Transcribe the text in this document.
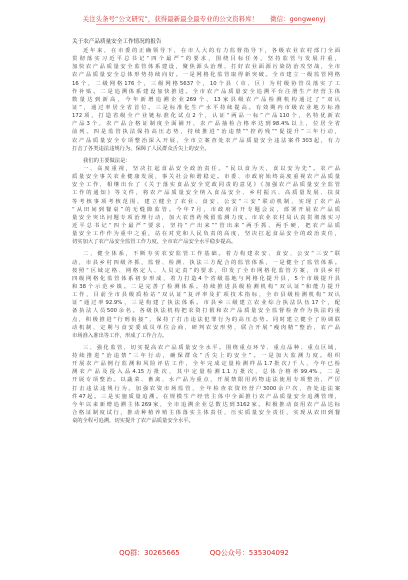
关注头条号“公文研究”，获得最新最全最专业的公文资料库！ 微信：gongwenyj
关于农产品质量安全工作情况的报告
近年来，在市委的正确领导下，在市人大的有力监督指导下，各级农业农村部门全面
贯彻落实习近平总书记“四个最严”的要求，围绕目标任务，坚持监管与发展并重，
加快农产品质量安全监管体系建设，聚焦源头治理，打好农业面源污染防治攻坚战，全市
农产品质量安全总体形势持续向好。一是网格化监管取得新突破。全市建立一级监管网格
16个，二级网格176个，三级网格5637个，10个县（市、区）为村级协管员落实了工
作补贴。二是追溯体系建设加快推进。全市农产品质量安全追溯平台注册生产经营主体
数量达到新高，今年新增追溯企业269个，13家县级农产品检测机构通过了“双认
证”，通过率居全省首位。三是标准化生产水平持续提高。有效期内市级农业地方标准
172项，打造省级全产业链标准化试点2个，认证“两品一标”产品110个，名特优新农
产品3个，农产品合格证制度全面铺开，农产品抽检合格率达到98.4%以上，位居全省
前列。四是监管执法保持高压态势，持续推进“治违禁”“控药残”“促提升”三年行动，
农产品质量安全专项整治深入开展，全市立案查处农产品质量安全违法案件303起，有力
打击了各类违法违规行为，保障了人民群众舌尖上的安全。
我们的主要做法是：
一、高度重视，坚决扛起食品安全政治责任。“民以食为天，食以安为先”。农产品
质量安全事关农业健康发展，事关社会和谐稳定。市委、市政府始终高度重视农产品质量
安全工作，相继出台了《关于落实食品安全党政同责的意见》《加强农产品质量安全监管
工作的通知》等文件，将农产品质量安全纳入食品安全、乡村振兴、高质量发展、扶贫
等考核事项考核范围，建立健全了农业、食安、公安“三安”联动机制，实现了农产品
“从田间到餐桌”的无缝隙监管。今年7月，市政府召开专题会议，部署开展农产品质
量安全突出问题专项治理行动，加大农兽药残留监测力度。市农业农村局认真贯彻落实习
近平总书记“四个最严”要求，坚持“产出来”“管出来”两手抓、两手硬，把农产品质
量安全工作作为重中之重，站在对党和人民负责的高度，坚决扛起食品安全的政治责任，
切实加大了农产品安全监管工作力度，全市农产品安全水平稳步提高。
二、健全体系，不断夯实农安监管工作基础。着力构建农安、食安、公安“三安”联
动，市县乡村四级齐抓，监督、检测、执法三方配合的监管体系，一是健全了监管体系。
按照“区域定格、网格定人、人员定责”的要求，印发了全市网格化监管方案，市县乡村
四级网格化监管体系初步形成，着力打造4个省级基地与网格化提升县，5个市级提升县
和38个示范乡镇。二是完善了检测体系。持续推进县级检测机构“双认证”和能力提升
工作，目前全市县级质检站“双认证”复评率及扩项技术指标，全市县级检测机构“双认
证”通过率92.9%，三是构建了执法体系。市县乡三级建立农业综合执法队伍17个，配
备执法人员500余名。各级执法机构把农资打假和农产品质量安全监督检查作为执法的重
点，积极推进“行刑衔接”，保持了打击违法犯罪行为的高压态势。同时建立健全了协调联
动机制，定期与食安委成员单位会商，研判农安形势，联合开展“瘦肉精”整治，农产品
市场准入准出等工作，形成了工作合力。
三、强化监管，切实提高农产品质量安全水平。围绕重点环节、重点品种、重点区域，
持续推进“治违禁”三年行动，确保群众“舌尖上的安全”。一是加大监测力度。组织
开展农产品例行监测和风险评估工作，全年完成定量检测样品1.7批次/千人，今年已检
测农产品及投入品4.15万批次，其中定量检测1.1万批次，总体合格率99.4%。二是
开展专项整治。以蔬菜、畜禽、水产品为重点，开展禁限用药物违法使用专项整治，严厉
打击违法违规行为。加强农资市场监管，全年检查农资经营户3000余户次，查处违法案
件47起。三是实施质量追溯。在规模生产经营主体中全面推行农产品质量安全追溯管理，
今年以来新增追溯主体269家，全市追溯企业总数达到3162家。积极推动食用农产品达标
合格证制度试行，推动种植养殖主体落实主体责任，压实质量安全责任，实现从农田到餐
桌的全程可追溯，切实提升了农产品质量安全水平。
QQ群：30265665	QQ公众号：535304092
